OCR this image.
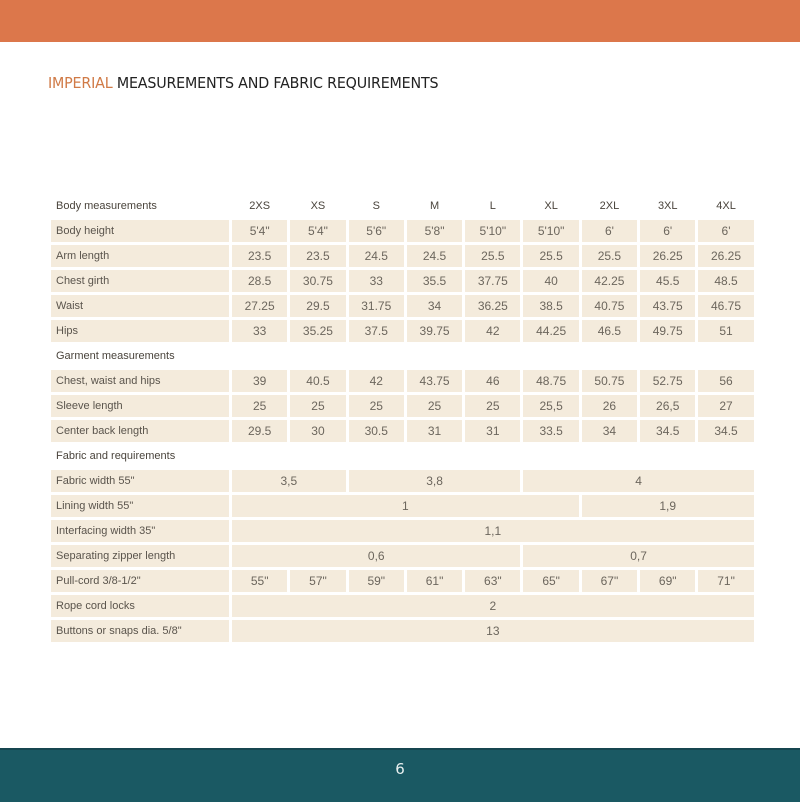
IMPERIAL MEASUREMENTS AND FABRIC REQUIREMENTS
Body measurements	2XS	XS	S	M	L	XL	2XL	3XL	4XL
Body height	5'4"	5'4"	5'6"	5'8"	5'10"	5'10"	6'	6'	6'
Arm length	23.5	23.5	24.5	24.5	25.5	25.5	25.5	26.25	26.25
Chest girth	28.5	30.75	33	35.5	37.75	40	42.25	45.5	48.5
Waist	27.25	29.5	31.75	34	36.25	38.5	40.75	43.75	46.75
Hips	33	35.25	37.5	39.75	42	44.25	46.5	49.75	51
Garment measurements									
Chest, waist and hips	39	40.5	42	43.75	46	48.75	50.75	52.75	56
Sleeve length	25	25	25	25	25	25,5	26	26,5	27
Center back length	29.5	30	30.5	31	31	33.5	34	34.5	34.5
Fabric and requirements									
Fabric width 55"	3,5		3,8			4			
Lining width 55"	1						1,9		
Interfacing width 35"	1,1								
Separating zipper length	0,6					0,7			
Pull-cord 3/8-1/2"	55"	57"	59"	61"	63"	65"	67"	69"	71"
Rope cord locks	2								
Buttons or snaps dia. 5/8"	13								
6
